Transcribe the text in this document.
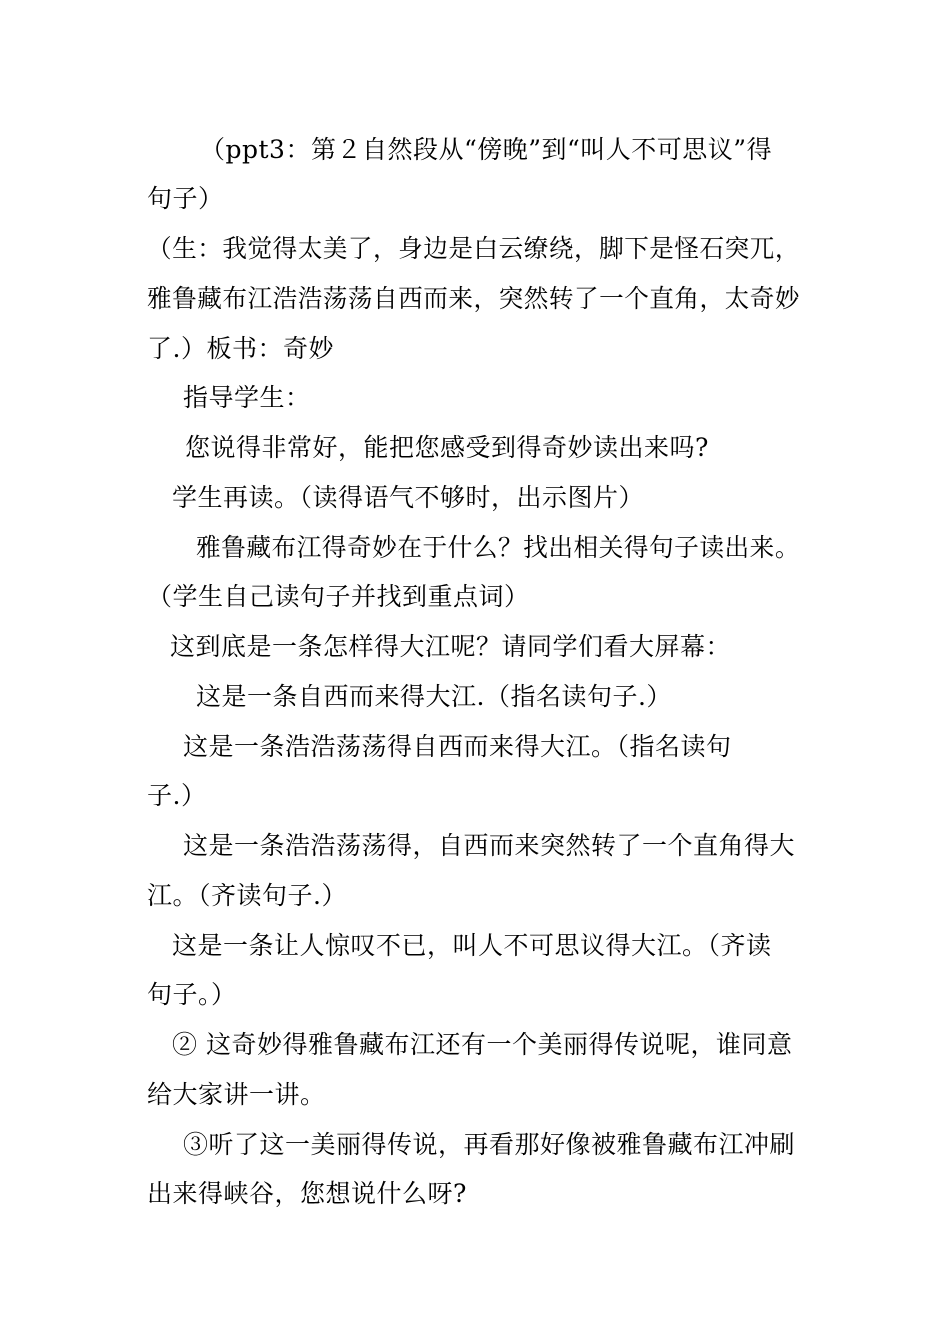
（ppt3：第２自然段从“傍晚”到“叫人不可思议”得
句子）
（生：我觉得太美了，身边是白云缭绕，脚下是怪石突兀，
雅鲁藏布江浩浩荡荡自西而来，突然转了一个直角，太奇妙
了.）板书：奇妙
指导学生：
您说得非常好，能把您感受到得奇妙读出来吗?
学生再读。（读得语气不够时，出示图片）
雅鲁藏布江得奇妙在于什么？找出相关得句子读出来。
（学生自己读句子并找到重点词）
这到底是一条怎样得大江呢？请同学们看大屏幕：
这是一条自西而来得大江.（指名读句子.）
这是一条浩浩荡荡得自西而来得大江。（指名读句
子.）
这是一条浩浩荡荡得，自西而来突然转了一个直角得大
江。（齐读句子.）
这是一条让人惊叹不已，叫人不可思议得大江。（齐读
句子。）
② 这奇妙得雅鲁藏布江还有一个美丽得传说呢，谁同意
给大家讲一讲。
③听了这一美丽得传说，再看那好像被雅鲁藏布江冲刷
出来得峡谷，您想说什么呀?
